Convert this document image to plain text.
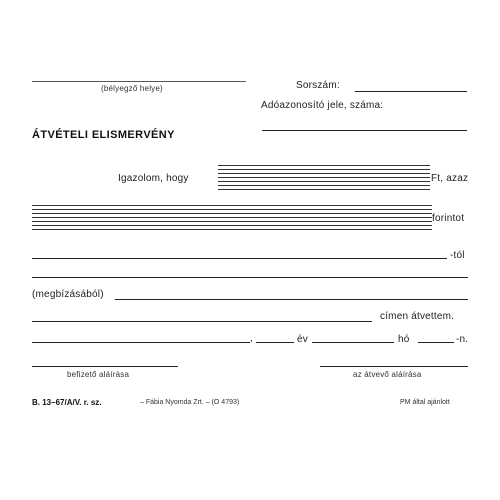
(bélyegző helye)	Sorszám:
Adóazonosító jele, száma:
ÁTVÉTELI ELISMERVÉNY
Igazolom, hogy	Ft, azaz
forintot
-tól
(megbízásából)
címen átvettem.
,	év	hó	-n.
befizető aláírása	az átvevő aláírása
B. 13–67/A/V. r. sz.	– Fábia Nyomda Zrt. – (O 4793)	PM által ajánlott
